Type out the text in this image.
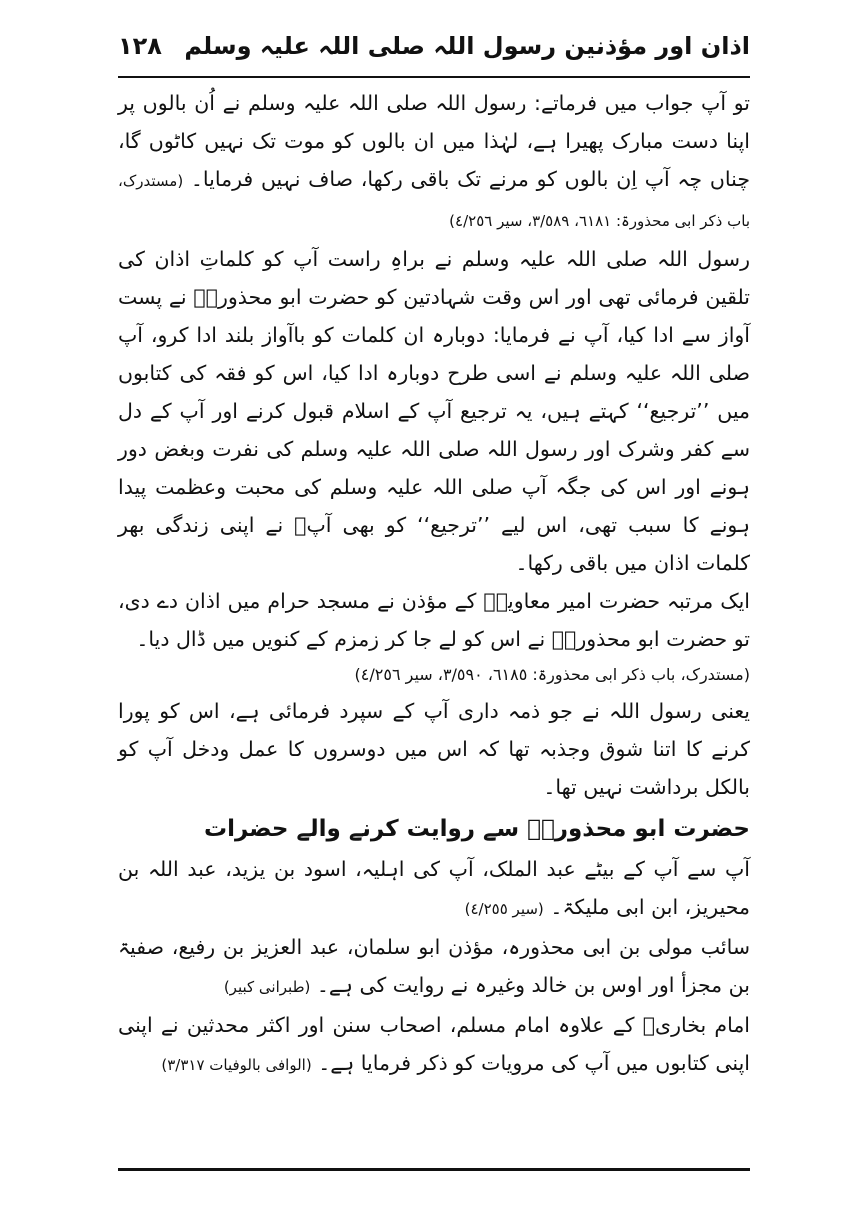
اذان اور مؤذنین رسول اللہ صلی اللہ علیہ وسلم
١٢٨

تو آپ جواب میں فرماتے: رسول اللہ صلی اللہ علیہ وسلم نے اُن بالوں پر اپنا دست مبارک پھیرا ہے، لہٰذا میں ان بالوں کو موت تک نہیں کاٹوں گا، چناں چہ آپ اِن بالوں کو مرنے تک باقی رکھا، صاف نہیں فرمایا۔ (مستدرک، باب ذکر ابی محذورۃ: ٦١٨١، ٣/٥٨٩، سیر ٤/٢٥٦)

رسول اللہ صلی اللہ علیہ وسلم نے براہِ راست آپ کو کلماتِ اذان کی تلقین فرمائی تھی اور اس وقت شہادتین کو حضرت ابو محذورہؓ نے پست آواز سے ادا کیا، آپ نے فرمایا: دوبارہ ان کلمات کو باآواز بلند ادا کرو، آپ صلی اللہ علیہ وسلم نے اسی طرح دوبارہ ادا کیا، اس کو فقہ کی کتابوں میں ’’ترجیع‘‘ کہتے ہیں، یہ ترجیع آپ کے اسلام قبول کرنے اور آپ کے دل سے کفر وشرک اور رسول اللہ صلی اللہ علیہ وسلم کی نفرت وبغض دور ہونے اور اس کی جگہ آپ صلی اللہ علیہ وسلم کی محبت وعظمت پیدا ہونے کا سبب تھی، اس لیے ’’ترجیع‘‘ کو بھی آپؓ نے اپنی زندگی بھر کلمات اذان میں باقی رکھا۔

ایک مرتبہ حضرت امیر معاویہؓ کے مؤذن نے مسجد حرام میں اذان دے دی، تو حضرت ابو محذورہؓ نے اس کو لے جا کر زمزم کے کنویں میں ڈال دیا۔

(مستدرک، باب ذکر ابی محذورۃ: ٦١٨٥، ٣/٥٩٠، سیر ٤/٢٥٦)

یعنی رسول اللہ نے جو ذمہ داری آپ کے سپرد فرمائی ہے، اس کو پورا کرنے کا اتنا شوق وجذبہ تھا کہ اس میں دوسروں کا عمل ودخل آپ کو بالکل برداشت نہیں تھا۔

حضرت ابو محذورہؓ سے روایت کرنے والے حضرات

آپ سے آپ کے بیٹے عبد الملک، آپ کی اہلیہ، اسود بن یزید، عبد اللہ بن محیریز، ابن ابی ملیکۃ۔ (سیر ٤/٢٥٥)

سائب مولی بن ابی محذورہ، مؤذن ابو سلمان، عبد العزیز بن رفیع، صفیۃ بن مجزأ اور اوس بن خالد وغیرہ نے روایت کی ہے۔ (طبرانی کبیر)

امام بخاریؒ کے علاوہ امام مسلم، اصحاب سنن اور اکثر محدثین نے اپنی اپنی کتابوں میں آپ کی مرویات کو ذکر فرمایا ہے۔ (الوافی بالوفیات ٣/٣١٧)
